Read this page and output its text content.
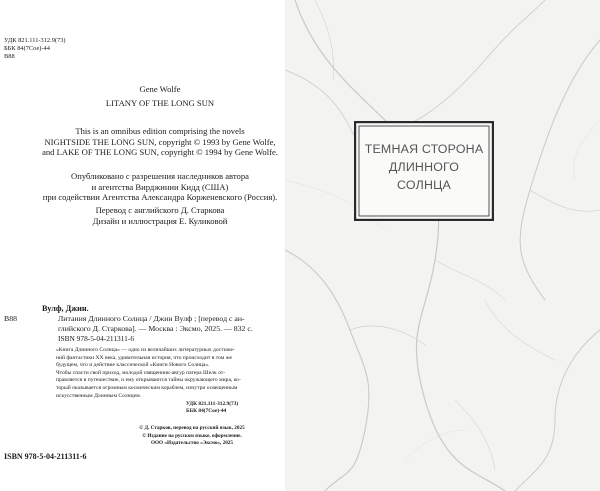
УДК 821.111-312.9(73)
ББК 84(7Сое)-44
В88
Gene Wolfe
LITANY OF THE LONG SUN
This is an omnibus edition comprising the novels
NIGHTSIDE THE LONG SUN, copyright © 1993 by Gene Wolfe,
and LAKE OF THE LONG SUN, copyright © 1994 by Gene Wolfe.
Опубликовано с разрешения наследников автора
и агентства Вирджинии Кидд (США)
при содействии Агентства Александра Корженевского (Россия).
Перевод с английского Д. Старкова
Дизайн и иллюстрация Е. Куликовой
Вулф, Джин.
В88	Литания Длинного Солнца / Джин Вулф ; [перевод с ан-
глийского Д. Старкова]. — Москва : Эксмо, 2025. — 832 с.
ISBN 978-5-04-211311-6
«Книга Длинного Солнца» — одно из величайших литературных достиже-
ний фантастики XX века, удивительная история, что происходит в том же
будущем, что и действие классической «Книги Нового Солнца».
Чтобы спасти свой приход, молодой священник-авгур патера Шелк от-
правляется в путешествие, и ему открываются тайны окружающего мира, ко-
торый оказывается огромным космическим кораблем, изнутри освещенным
искусственным Длинным Солнцем.
УДК 821.111-312.9(73)
ББК 84(7Сое)-44
© Д. Старков, перевод на русский язык, 2025
© Издание на русском языке, оформление.
ООО «Издательство «Эксмо», 2025
ISBN 978-5-04-211311-6
ТЕМНАЯ СТОРОНА
ДЛИННОГО
СОЛНЦА
